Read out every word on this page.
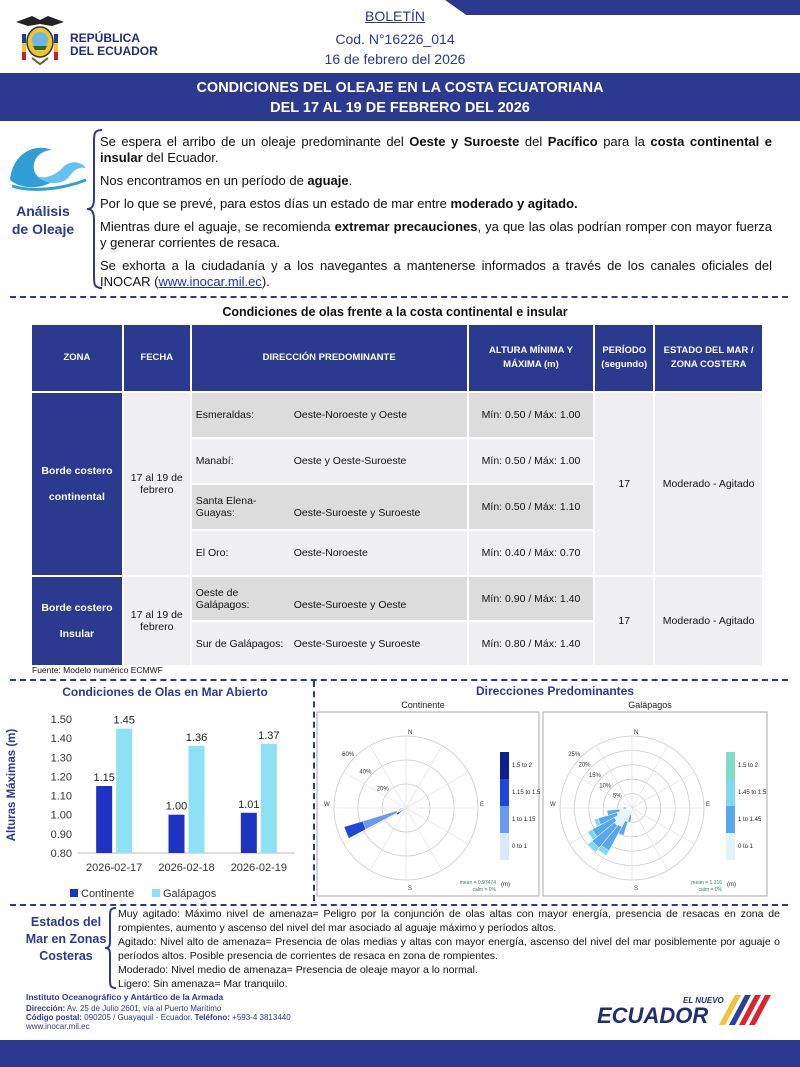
REPÚBLICA
DEL ECUADOR
BOLETÍN
Cod. N°16226_014
16 de febrero del 2026
CONDICIONES DEL OLEAJE EN LA COSTA ECUATORIANA
DEL 17 AL 19 DE FEBRERO DEL 2026
Análisis
de Oleaje
Se espera el arribo de un oleaje predominante del Oeste y Suroeste del Pacífico para la costa continental e insular del Ecuador.
Nos encontramos en un período de aguaje.
Por lo que se prevé, para estos días un estado de mar entre moderado y agitado.
Mientras dure el aguaje, se recomienda extremar precauciones, ya que las olas podrían romper con mayor fuerza y generar corrientes de resaca.
Se exhorta a la ciudadanía y a los navegantes a mantenerse informados a través de los canales oficiales del INOCAR (www.inocar.mil.ec).
Condiciones de olas frente a la costa continental e insular
ZONA	FECHA	DIRECCIÓN PREDOMINANTE	ALTURA MÍNIMA Y MÁXIMA (m)	PERÍODO (segundo)	ESTADO DEL MAR / ZONA COSTERA
Borde costero continental	17 al 19 de febrero	Esmeraldas: Oeste-Noroeste y Oeste	Mín: 0.50 / Máx: 1.00	17	Moderado - Agitado
		Manabí: Oeste y Oeste-Suroeste	Mín: 0.50 / Máx: 1.00		
		Santa Elena-Guayas: Oeste-Suroeste y Suroeste	Mín: 0.50 / Máx: 1.10		
		El Oro: Oeste-Noroeste	Mín: 0.40 / Máx: 0.70		
Borde costero Insular	17 al 19 de febrero	Oeste de Galápagos: Oeste-Suroeste y Oeste	Mín: 0.90 / Máx: 1.40	17	Moderado - Agitado
		Sur de Galápagos: Oeste-Suroeste y Suroeste	Mín: 0.80 / Máx: 1.40		
Fuente: Modelo numérico ECMWF
Condiciones de Olas en Mar Abierto
Alturas Máximas (m)
0.80
0.90
1.00
1.10
1.20
1.30
1.40
1.50
1.15
1.45
2026-02-17
1.00
1.36
2026-02-18
1.01
1.37
2026-02-19
Continente	Galápagos
Direcciones Predominantes
Continente
20%
40%
60%
N
E
S
W
1.5 to 2
1.15 to 1.5
1 to 1.15
0 to 1
(m)
mean = 0.97474
calm = 0%
Galápagos
5%
10%
15%
20%
25%
N
E
S
W
1.5 to 2
1.45 to 1.5
1 to 1.45
0 to 1
(m)
mean = 1.316
calm = 0%
Estados del
Mar en Zonas
Costeras
Muy agitado: Máximo nivel de amenaza= Peligro por la conjunción de olas altas con mayor energía, presencia de resacas en zona de rompientes, aumento y ascenso del nivel del mar asociado al aguaje máximo y períodos altos.
Agitado: Nivel alto de amenaza= Presencia de olas medias y altas con mayor energía, ascenso del nivel del mar posiblemente por aguaje o períodos altos. Posible presencia de corrientes de resaca en zona de rompientes.
Moderado: Nivel medio de amenaza= Presencia de oleaje mayor a lo normal.
Ligero: Sin amenaza= Mar tranquilo.
Instituto Oceanográfico y Antártico de la Armada
Dirección: Av. 25 de Julio 2601, vía al Puerto Marítimo
Código postal: 090205 / Guayaquil - Ecuador. Teléfono: +593-4 3813440
www.inocar.mil.ec
EL NUEVO
ECUADOR
